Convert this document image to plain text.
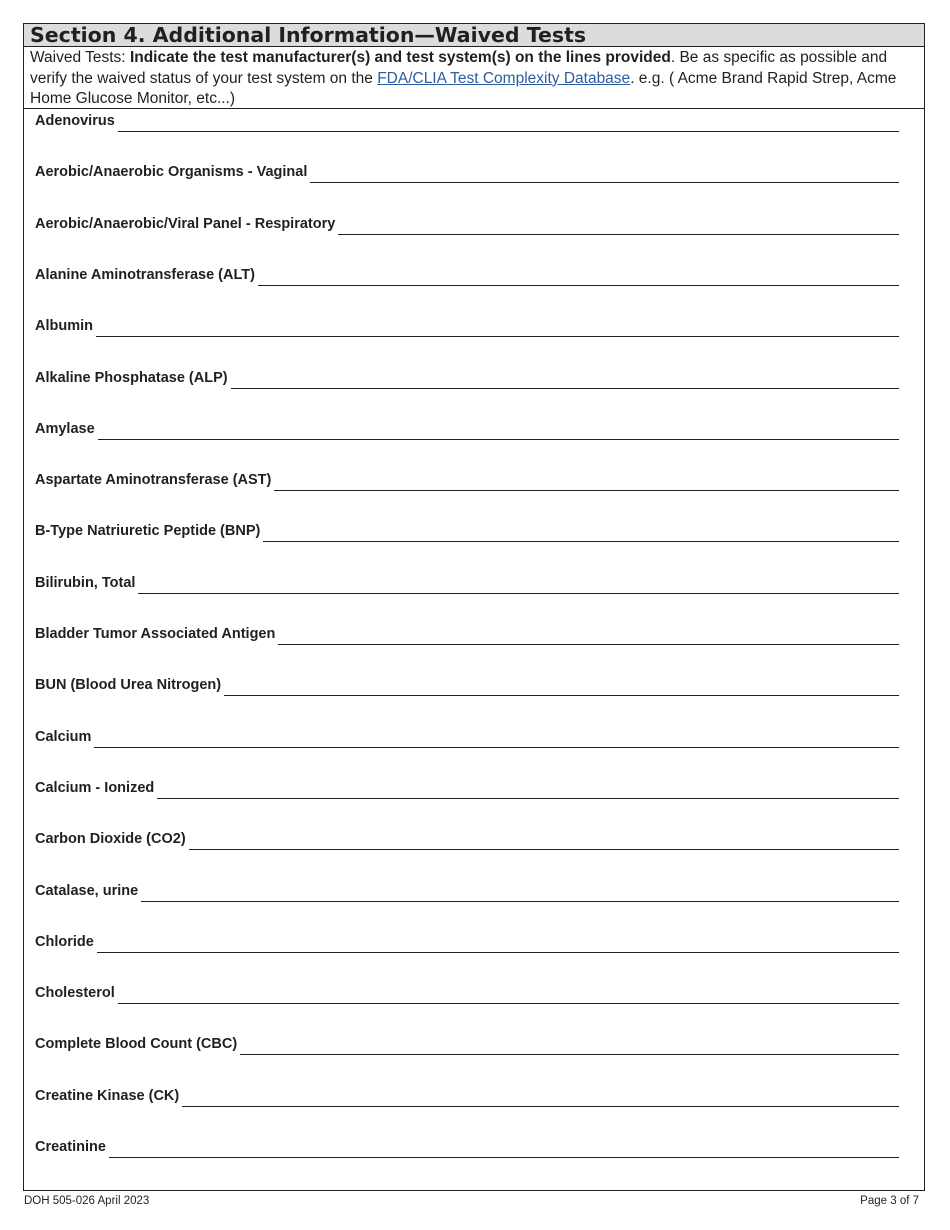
Section 4. Additional Information—Waived Tests
Waived Tests: Indicate the test manufacturer(s) and test system(s) on the lines provided. Be as specific as possible and verify the waived status of your test system on the FDA/CLIA Test Complexity Database. e.g. ( Acme Brand Rapid Strep, Acme Home Glucose Monitor, etc...)
Adenovirus
Aerobic/Anaerobic Organisms - Vaginal
Aerobic/Anaerobic/Viral Panel - Respiratory
Alanine Aminotransferase (ALT)
Albumin
Alkaline Phosphatase (ALP)
Amylase
Aspartate Aminotransferase (AST)
B-Type Natriuretic Peptide (BNP)
Bilirubin, Total
Bladder Tumor Associated Antigen
BUN (Blood Urea Nitrogen)
Calcium
Calcium - Ionized
Carbon Dioxide (CO2)
Catalase, urine
Chloride
Cholesterol
Complete Blood Count (CBC)
Creatine Kinase (CK)
Creatinine
DOH 505-026 April 2023	Page 3 of 7
